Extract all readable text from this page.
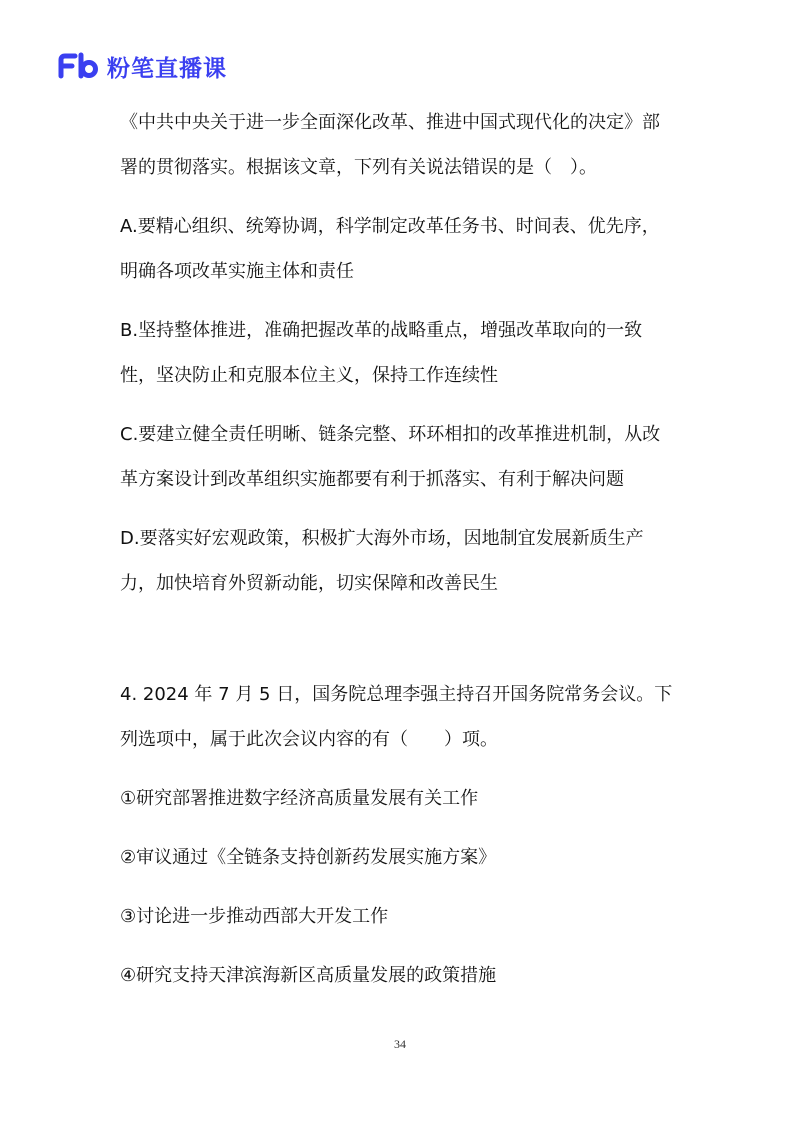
粉笔直播课

《中共中央关于进一步全面深化改革、推进中国式现代化的决定》部

署的贯彻落实。根据该文章，下列有关说法错误的是（　）。

A.要精心组织、统筹协调，科学制定改革任务书、时间表、优先序，

明确各项改革实施主体和责任

B.坚持整体推进，准确把握改革的战略重点，增强改革取向的一致

性，坚决防止和克服本位主义，保持工作连续性

C.要建立健全责任明晰、链条完整、环环相扣的改革推进机制，从改

革方案设计到改革组织实施都要有利于抓落实、有利于解决问题

D.要落实好宏观政策，积极扩大海外市场，因地制宜发展新质生产

力，加快培育外贸新动能，切实保障和改善民生

4. 2024 年 7 月 5 日，国务院总理李强主持召开国务院常务会议。下

列选项中，属于此次会议内容的有（　　）项。

①研究部署推进数字经济高质量发展有关工作

②审议通过《全链条支持创新药发展实施方案》

③讨论进一步推动西部大开发工作

④研究支持天津滨海新区高质量发展的政策措施

34
